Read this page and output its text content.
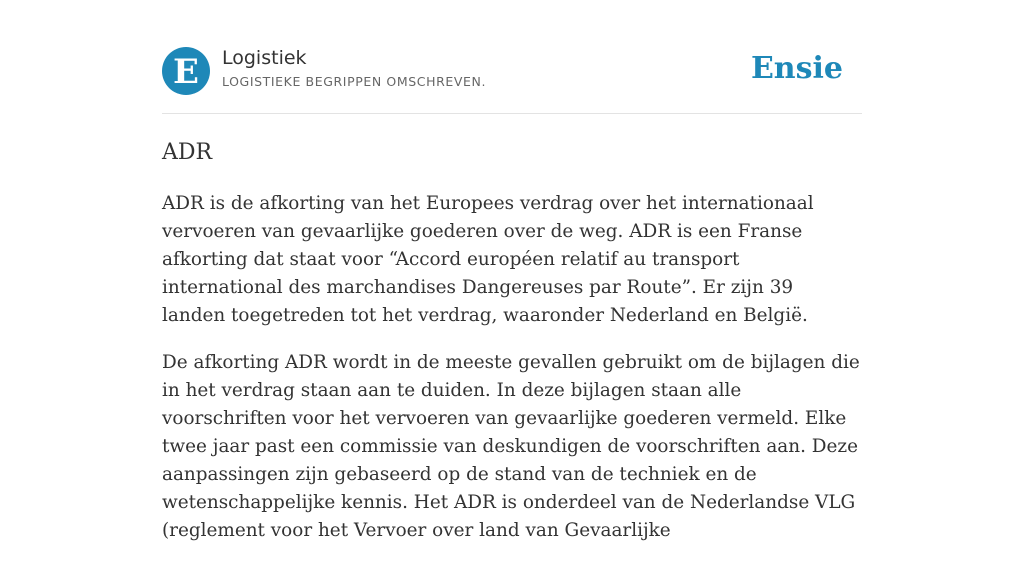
E Logistiek
LOGISTIEKE BEGRIPPEN OMSCHREVEN.	Ensie
ADR

ADR is de afkorting van het Europees verdrag over het internationaal vervoeren van gevaarlijke goederen over de weg. ADR is een Franse afkorting dat staat voor “Accord européen relatif au transport international des marchandises Dangereuses par Route”. Er zijn 39 landen toegetreden tot het verdrag, waaronder Nederland en België.

De afkorting ADR wordt in de meeste gevallen gebruikt om de bijlagen die in het verdrag staan aan te duiden. In deze bijlagen staan alle voorschriften voor het vervoeren van gevaarlijke goederen vermeld. Elke twee jaar past een commissie van deskundigen de voorschriften aan. Deze aanpassingen zijn gebaseerd op de stand van de techniek en de wetenschappelijke kennis. Het ADR is onderdeel van de Nederlandse VLG (reglement voor het Vervoer over land van Gevaarlijke
